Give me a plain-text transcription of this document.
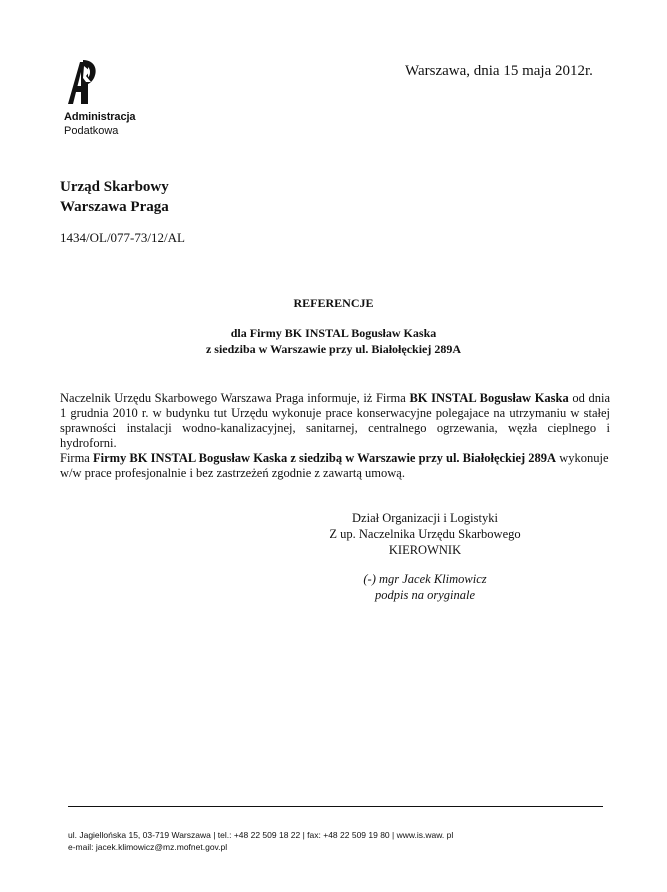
Administracja
Podatkowa
Warszawa, dnia 15 maja 2012r.
Urząd Skarbowy
Warszawa Praga
1434/OL/077-73/12/AL
REFERENCJE
dla Firmy BK INSTAL Bogusław Kaska
z siedziba w Warszawie przy ul. Białołęckiej 289A

Naczelnik Urzędu Skarbowego Warszawa Praga informuje, iż Firma BK INSTAL Bogusław Kaska od dnia 1 grudnia 2010 r. w budynku tut Urzędu wykonuje prace konserwacyjne polegajace na utrzymaniu w stałej sprawności instalacji wodno-kanalizacyjnej, sanitarnej, centralnego ogrzewania, węzła cieplnego i hydroforni.

Firma Firmy BK INSTAL Bogusław Kaska z siedzibą w Warszawie przy ul. Białołęckiej 289A wykonuje w/w prace profesjonalnie i bez zastrzeżeń zgodnie z zawartą umową.

Dział Organizacji i Logistyki
Z up. Naczelnika Urzędu Skarbowego
KIEROWNIK
(-) mgr Jacek Klimowicz
podpis na oryginale
ul. Jagiellońska 15, 03-719 Warszawa | tel.: +48 22 509 18 22 | fax: +48 22 509 19 80 | www.is.waw. pl
e-mail: jacek.klimowicz@mz.mofnet.gov.pl
